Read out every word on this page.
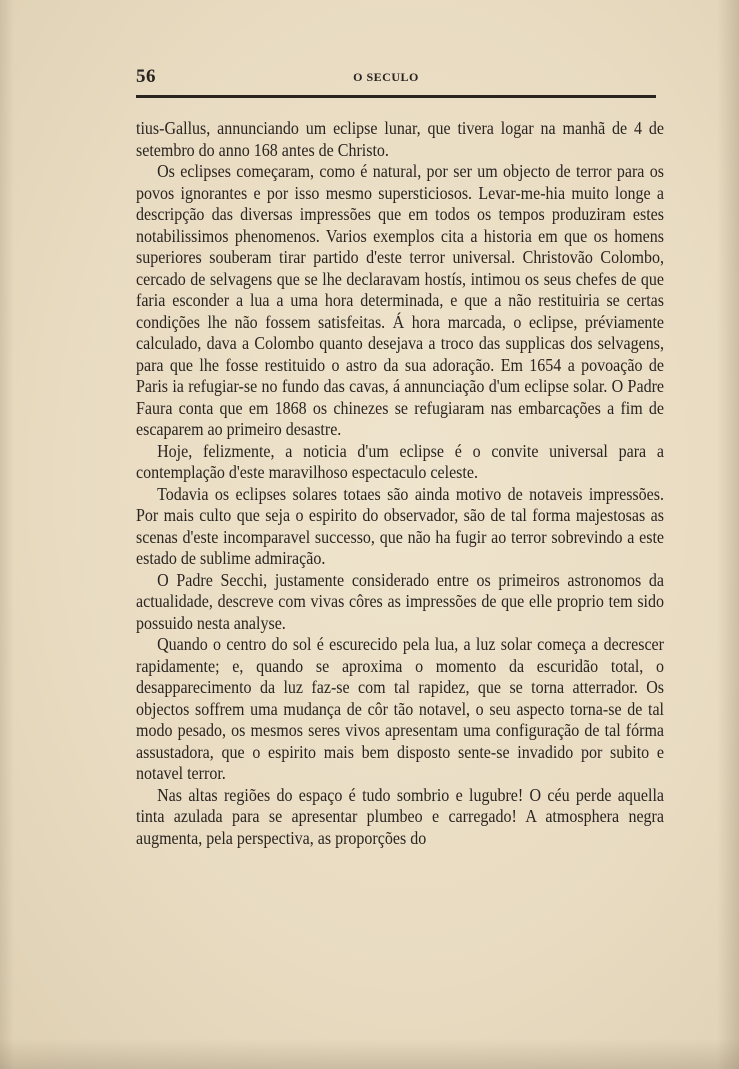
56	O SECULO

tius-Gallus, annunciando um eclipse lunar, que tivera logar na manhã de 4 de setembro do anno 168 antes de Christo.

Os eclipses começaram, como é natural, por ser um objecto de terror para os povos ignorantes e por isso mesmo supersticiosos. Levar-me-hia muito longe a descripção das diversas impressões que em todos os tempos produziram estes notabilissimos phenomenos. Varios exemplos cita a historia em que os homens superiores souberam tirar partido d'este terror universal. Christovão Colombo, cercado de selvagens que se lhe declaravam hostís, intimou os seus chefes de que faria esconder a lua a uma hora determinada, e que a não restituiria se certas condições lhe não fossem satisfeitas. Á hora marcada, o eclipse, préviamente calculado, dava a Colombo quanto desejava a troco das supplicas dos selvagens, para que lhe fosse restituido o astro da sua adoração. Em 1654 a povoação de Paris ia refugiar-se no fundo das cavas, á annunciação d'um eclipse solar. O Padre Faura conta que em 1868 os chinezes se refugiaram nas embarcações a fim de escaparem ao primeiro desastre.

Hoje, felizmente, a noticia d'um eclipse é o convite universal para a contemplação d'este maravilhoso espectaculo celeste.

Todavia os eclipses solares totaes são ainda motivo de notaveis impressões. Por mais culto que seja o espirito do observador, são de tal forma majestosas as scenas d'este incomparavel successo, que não ha fugir ao terror sobrevindo a este estado de sublime admiração.

O Padre Secchi, justamente considerado entre os primeiros astronomos da actualidade, descreve com vivas côres as impressões de que elle proprio tem sido possuido nesta analyse.

Quando o centro do sol é escurecido pela lua, a luz solar começa a decrescer rapidamente; e, quando se aproxima o momento da escuridão total, o desapparecimento da luz faz-se com tal rapidez, que se torna atterrador. Os objectos soffrem uma mudança de côr tão notavel, o seu aspecto torna-se de tal modo pesado, os mesmos seres vivos apresentam uma configuração de tal fórma assustadora, que o espirito mais bem disposto sente-se invadido por subito e notavel terror.

Nas altas regiões do espaço é tudo sombrio e lugubre! O céu perde aquella tinta azulada para se apresentar plumbeo e carregado! A atmosphera negra augmenta, pela perspectiva, as proporções do
